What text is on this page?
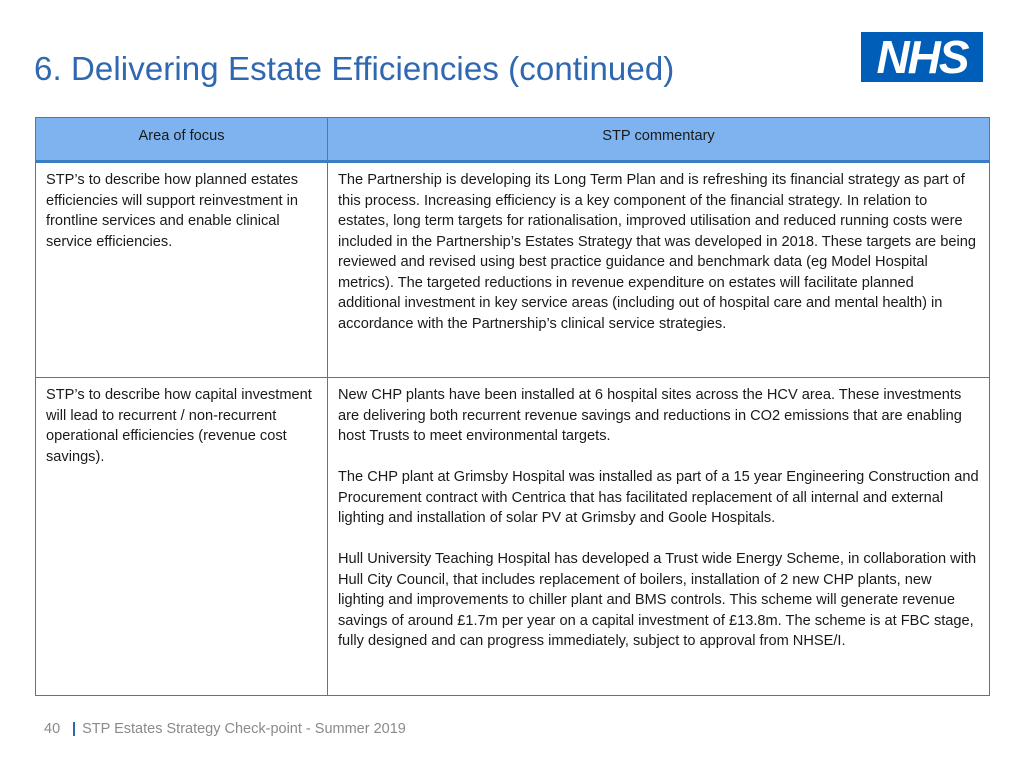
6. Delivering Estate Efficiencies (continued)	NHS
Area of focus	STP commentary

STP’s to describe how planned estates efficiencies will support reinvestment in frontline services and enable clinical service efficiencies.	The Partnership is developing its Long Term Plan and is refreshing its financial strategy as part of this process. Increasing efficiency is a key component of the financial strategy. In relation to estates, long term targets for rationalisation, improved utilisation and reduced running costs were included in the Partnership’s Estates Strategy that was developed in 2018. These targets are being reviewed and revised using best practice guidance and benchmark data (eg Model Hospital metrics). The targeted reductions in revenue expenditure on estates will facilitate planned additional investment in key service areas (including out of hospital care and mental health) in accordance with the Partnership’s clinical service strategies.

STP’s to describe how capital investment will lead to recurrent / non-recurrent operational efficiencies (revenue cost savings).	New CHP plants have been installed at 6 hospital sites across the HCV area. These investments are delivering both recurrent revenue savings and reductions in CO2 emissions that are enabling host Trusts to meet environmental targets.

The CHP plant at Grimsby Hospital was installed as part of a 15 year Engineering Construction and Procurement contract with Centrica that has facilitated replacement of all internal and external lighting and installation of solar PV at Grimsby and Goole Hospitals.

Hull University Teaching Hospital has developed a Trust wide Energy Scheme, in collaboration with Hull City Council, that includes replacement of boilers, installation of 2 new CHP plants, new lighting and improvements to chiller plant and BMS controls. This scheme will generate revenue savings of around £1.7m per year on a capital investment of £13.8m. The scheme is at FBC stage, fully designed and can progress immediately, subject to approval from NHSE/I.

40 STP Estates Strategy Check-point - Summer 2019
